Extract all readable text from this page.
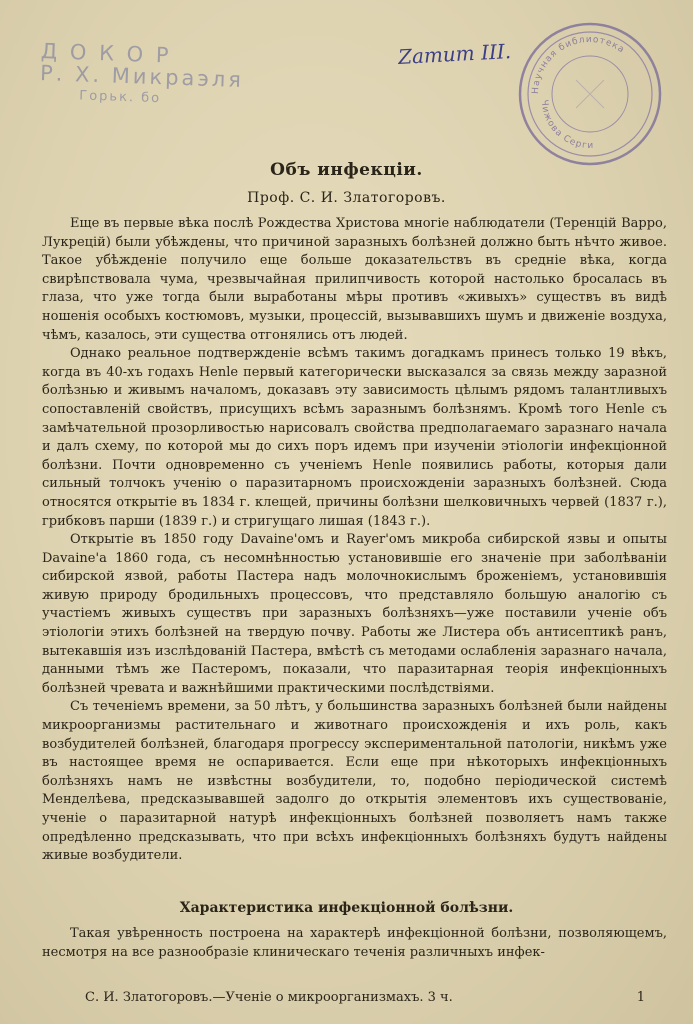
Д О К О Р
Р. Х. Микраэля
Горьк. бо
Zатит III.
Научная библиотека
Чижова Серги
Объ инфекціи.
Проф. С. И. Златогоровъ.

Еще въ первые вѣка послѣ Рождества Христова многіе наблюдатели (Теренцій Варро, Лукрецій) были убѣждены, что причиной заразныхъ болѣзней должно быть нѣчто живое. Такое убѣжденіе получило еще больше доказательствъ въ средніе вѣка, когда свирѣпствовала чума, чрезвычайная прилипчивость которой настолько бросалась въ глаза, что уже тогда были выработаны мѣры противъ «живыхъ» существъ въ видѣ ношенія особыхъ костюмовъ, музыки, процессій, вызывавшихъ шумъ и движеніе воздуха, чѣмъ, казалось, эти существа отгонялись отъ людей.

Однако реальное подтвержденіе всѣмъ такимъ догадкамъ принесъ только 19 вѣкъ, когда въ 40-хъ годахъ Henle первый категорически высказался за связь между заразной болѣзнью и живымъ началомъ, доказавъ эту зависимость цѣлымъ рядомъ талантливыхъ сопоставленій свойствъ, присущихъ всѣмъ заразнымъ болѣзнямъ. Кромѣ того Henle съ замѣчательной прозорливостью нарисовалъ свойства предполагаемаго заразнаго начала и далъ схему, по которой мы до сихъ поръ идемъ при изученіи этіологіи инфекціонной болѣзни. Почти одновременно съ ученіемъ Henle появились работы, которыя дали сильный толчокъ ученію о паразитарномъ происхожденіи заразныхъ болѣзней. Сюда относятся открытіе въ 1834 г. клещей, причины болѣзни шелковичныхъ червей (1837 г.), грибковъ парши (1839 г.) и стригущаго лишая (1843 г.).

Открытіе въ 1850 году Davaine'омъ и Rayer'омъ микроба сибирской язвы и опыты Davaine'а 1860 года, съ несомнѣнностью установившіе его значеніе при заболѣваніи сибирской язвой, работы Пастера надъ молочнокислымъ броженіемъ, установившія живую природу бродильныхъ процессовъ, что представляло большую аналогію съ участіемъ живыхъ существъ при заразныхъ болѣзняхъ—уже поставили ученіе объ этіологіи этихъ болѣзней на твердую почву. Работы же Листера объ антисептикѣ ранъ, вытекавшія изъ изслѣдованій Пастера, вмѣстѣ съ методами ослабленія заразнаго начала, данными тѣмъ же Пастеромъ, показали, что паразитарная теорія инфекціонныхъ болѣзней чревата и важнѣйшими практическими послѣдствіями.

Съ теченіемъ времени, за 50 лѣтъ, у большинства заразныхъ болѣзней были найдены микроорганизмы растительнаго и животнаго происхожденія и ихъ роль, какъ возбудителей болѣзней, благодаря прогрессу экспериментальной патологіи, никѣмъ уже въ настоящее время не оспаривается. Если еще при нѣкоторыхъ инфекціонныхъ болѣзняхъ намъ не извѣстны возбудители, то, подобно періодической системѣ Менделѣева, предсказывавшей задолго до открытія элементовъ ихъ существованіе, ученіе о паразитарной натурѣ инфекціонныхъ болѣзней позволяетъ намъ также опредѣленно предсказывать, что при всѣхъ инфекціонныхъ болѣзняхъ будутъ найдены живые возбудители.

Характеристика инфекціонной болѣзни.

Такая увѣренность построена на характерѣ инфекціонной болѣзни, позволяющемъ, несмотря на все разнообразіе клиническаго теченія различныхъ инфек-

С. И. Златогоровъ.—Ученіе о микроорганизмахъ. 3 ч.	1
